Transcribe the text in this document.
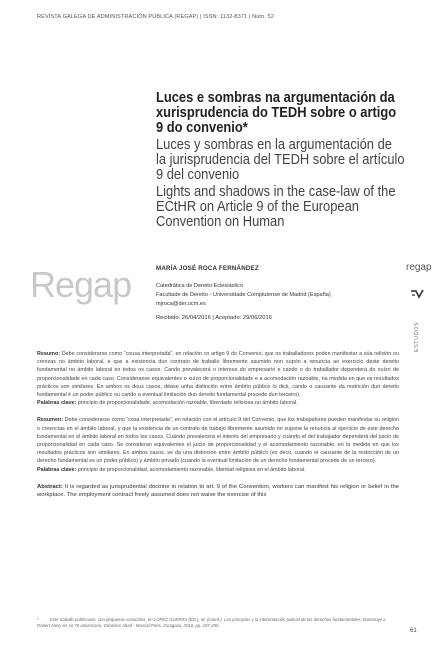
REVISTA GALEGA DE ADMINISTRACIÓN PÚBLICA (REGAP) | ISSN: 1132-8371 | Núm. 52
Luces e sombras na argumentación da xurisprudencia do TEDH sobre o artigo 9 do convenio*
Luces y sombras en la argumentación de la jurisprudencia del TEDH sobre el artículo 9 del convenio
Lights and shadows in the case-law of the ECtHR on Article 9 of the European Convention on Human
Regap	MARÍA JOSÉ ROCA FERNÁNDEZ
Catedrática de Dereito Eclesiástico
Facultade de Dereito - Universidade Complutense de Madrid (España)
mjroca@der.ucm.es
Recibido: 26/04/2016 | Aceptado: 29/06/2016
regap
ESTUDOS

Resumo: Debe considerarse como “cousa interpretada”, en relación co artigo 9 do Convenio, que os traballadores poden manifestar a súa relixión ou crenzas no ámbito laboral, e que a existencia dun contrato de traballo libremente asumido non supón a renuncia ao exercicio deste dereito fundamental no ámbito laboral en todos os casos. Cando prevalecerá o interese do empresario e cando o do traballador dependerá do xuízo de proporcionalidade en cada caso. Consideranse equivalentes o xuízo de proporcionalidade e a acomodación razoable, na medida en que os resultados prácticos son similares. En ambos os dous casos, déase unha distinción entre ámbito público lo dick, cando o causante da restrición dun dereito fundamental é un poder público ou cando a eventual limitación dun dereito fundamental procede dun terceiro).
Palabras clave: principio de proporcionalidade, acomodación razoable, liberdade relixiosa no ámbito laboral.

Resumen: Debe considerarse como “cosa interpretada”, en relación con el artículo 9 del Convenio, que los trabajadores pueden manifestar su religión o creencias en el ámbito laboral, y que la existencia de un contrato de trabajo libremente asumido no supone la renuncia al ejercicio de este derecho fundamental en el ámbito laboral en todos los casos. Cuándo prevalecerá el interés del empresario y cuándo el del trabajador dependerá del juicio de proporcionalidad en cada caso. Se consideran equivalentes el juicio de proporcionalidad y el acomodamiento razonable, en la medida en que los resultados prácticos son similares. En ambos casos, se da una distinción entre ámbito público (es decir, cuando el causante de la restricción de un derecho fundamental es un poder público) y ámbito privado (cuando la eventual limitación de un derecho fundamental procede de un tercero).
Palabras clave: principio de proporcionalidad, acomodamiento razonable, libertad religiosa en el ámbito laboral.

Abstract: It is regarded as jurisprudential doctrine in relation to art. 9 of the Convention, workers can manifest his religion or belief in the workplace. The employment contract freely assumed does not waive the exercise of this

*	Este traballo publicouse, con pequenas variacións, en LÓPEZ GUERRA (ED.), M. (coord.): Los principios y la interpretación judicial de los derechos fundamentales: homenaje a Robert Alexy en su 70 aniversario, Giménez Abad - Marcial Pons, Zaragoza, 2016, pp. 187-205.
61
